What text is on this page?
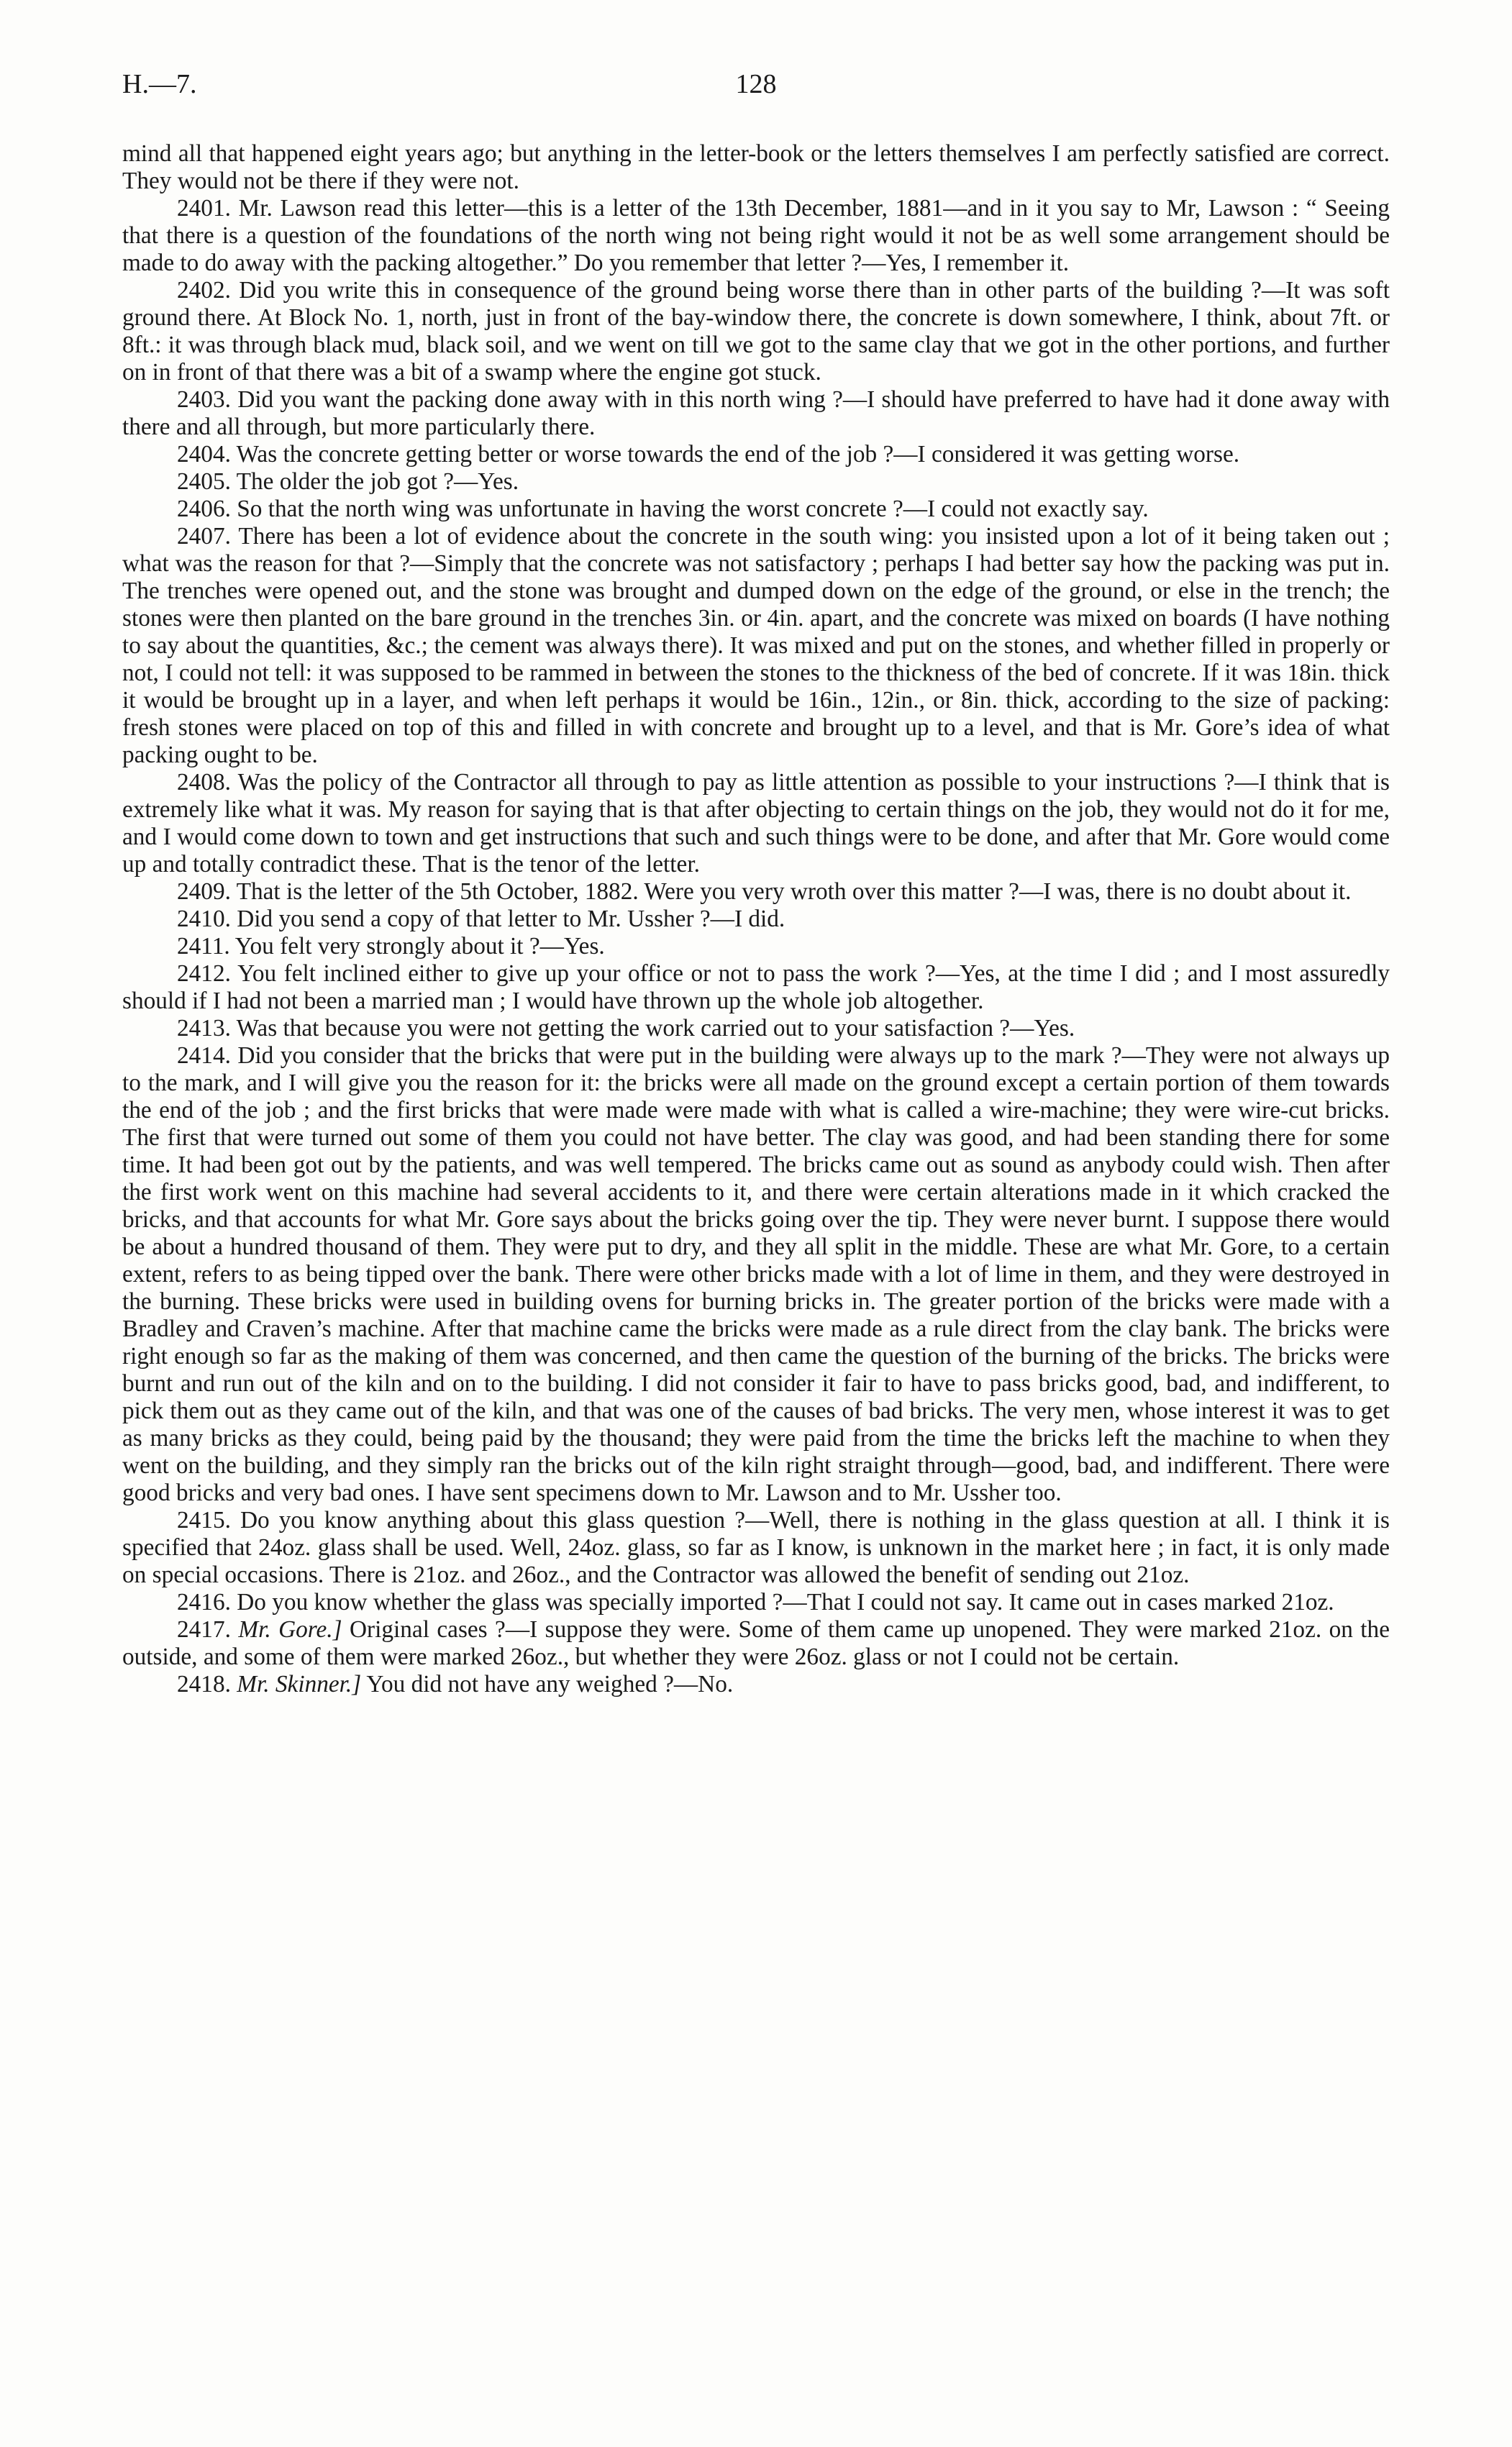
H.—7.	128

mind all that happened eight years ago; but anything in the letter-book or the letters themselves I am perfectly satisfied are correct. They would not be there if they were not.

2401. Mr. Lawson read this letter—this is a letter of the 13th December, 1881—and in it you say to Mr, Lawson : “ Seeing that there is a question of the foundations of the north wing not being right would it not be as well some arrangement should be made to do away with the packing altogether.” Do you remember that letter ?—Yes, I remember it.

2402. Did you write this in consequence of the ground being worse there than in other parts of the building ?—It was soft ground there. At Block No. 1, north, just in front of the bay-window there, the concrete is down somewhere, I think, about 7ft. or 8ft.: it was through black mud, black soil, and we went on till we got to the same clay that we got in the other portions, and further on in front of that there was a bit of a swamp where the engine got stuck.

2403. Did you want the packing done away with in this north wing ?—I should have preferred to have had it done away with there and all through, but more particularly there.

2404. Was the concrete getting better or worse towards the end of the job ?—I considered it was getting worse.

2405. The older the job got ?—Yes.

2406. So that the north wing was unfortunate in having the worst concrete ?—I could not exactly say.

2407. There has been a lot of evidence about the concrete in the south wing: you insisted upon a lot of it being taken out ; what was the reason for that ?—Simply that the concrete was not satisfactory ; perhaps I had better say how the packing was put in. The trenches were opened out, and the stone was brought and dumped down on the edge of the ground, or else in the trench; the stones were then planted on the bare ground in the trenches 3in. or 4in. apart, and the concrete was mixed on boards (I have nothing to say about the quantities, &c.; the cement was always there). It was mixed and put on the stones, and whether filled in properly or not, I could not tell: it was supposed to be rammed in between the stones to the thickness of the bed of concrete. If it was 18in. thick it would be brought up in a layer, and when left perhaps it would be 16in., 12in., or 8in. thick, according to the size of packing: fresh stones were placed on top of this and filled in with concrete and brought up to a level, and that is Mr. Gore’s idea of what packing ought to be.

2408. Was the policy of the Contractor all through to pay as little attention as possible to your instructions ?—I think that is extremely like what it was. My reason for saying that is that after objecting to certain things on the job, they would not do it for me, and I would come down to town and get instructions that such and such things were to be done, and after that Mr. Gore would come up and totally contradict these. That is the tenor of the letter.

2409. That is the letter of the 5th October, 1882. Were you very wroth over this matter ?—I was, there is no doubt about it.

2410. Did you send a copy of that letter to Mr. Ussher ?—I did.

2411. You felt very strongly about it ?—Yes.

2412. You felt inclined either to give up your office or not to pass the work ?—Yes, at the time I did ; and I most assuredly should if I had not been a married man ; I would have thrown up the whole job altogether.

2413. Was that because you were not getting the work carried out to your satisfaction ?—Yes.

2414. Did you consider that the bricks that were put in the building were always up to the mark ?—They were not always up to the mark, and I will give you the reason for it: the bricks were all made on the ground except a certain portion of them towards the end of the job ; and the first bricks that were made were made with what is called a wire-machine; they were wire-cut bricks. The first that were turned out some of them you could not have better. The clay was good, and had been standing there for some time. It had been got out by the patients, and was well tempered. The bricks came out as sound as anybody could wish. Then after the first work went on this machine had several accidents to it, and there were certain alterations made in it which cracked the bricks, and that accounts for what Mr. Gore says about the bricks going over the tip. They were never burnt. I suppose there would be about a hundred thousand of them. They were put to dry, and they all split in the middle. These are what Mr. Gore, to a certain extent, refers to as being tipped over the bank. There were other bricks made with a lot of lime in them, and they were destroyed in the burning. These bricks were used in building ovens for burning bricks in. The greater portion of the bricks were made with a Bradley and Craven’s machine. After that machine came the bricks were made as a rule direct from the clay bank. The bricks were right enough so far as the making of them was concerned, and then came the question of the burning of the bricks. The bricks were burnt and run out of the kiln and on to the building. I did not consider it fair to have to pass bricks good, bad, and indifferent, to pick them out as they came out of the kiln, and that was one of the causes of bad bricks. The very men, whose interest it was to get as many bricks as they could, being paid by the thousand; they were paid from the time the bricks left the machine to when they went on the building, and they simply ran the bricks out of the kiln right straight through—good, bad, and indifferent. There were good bricks and very bad ones. I have sent specimens down to Mr. Lawson and to Mr. Ussher too.

2415. Do you know anything about this glass question ?—Well, there is nothing in the glass question at all. I think it is specified that 24oz. glass shall be used. Well, 24oz. glass, so far as I know, is unknown in the market here ; in fact, it is only made on special occasions. There is 21oz. and 26oz., and the Contractor was allowed the benefit of sending out 21oz.

2416. Do you know whether the glass was specially imported ?—That I could not say. It came out in cases marked 21oz.

2417. Mr. Gore.] Original cases ?—I suppose they were. Some of them came up unopened. They were marked 21oz. on the outside, and some of them were marked 26oz., but whether they were 26oz. glass or not I could not be certain.

2418. Mr. Skinner.] You did not have any weighed ?—No.
